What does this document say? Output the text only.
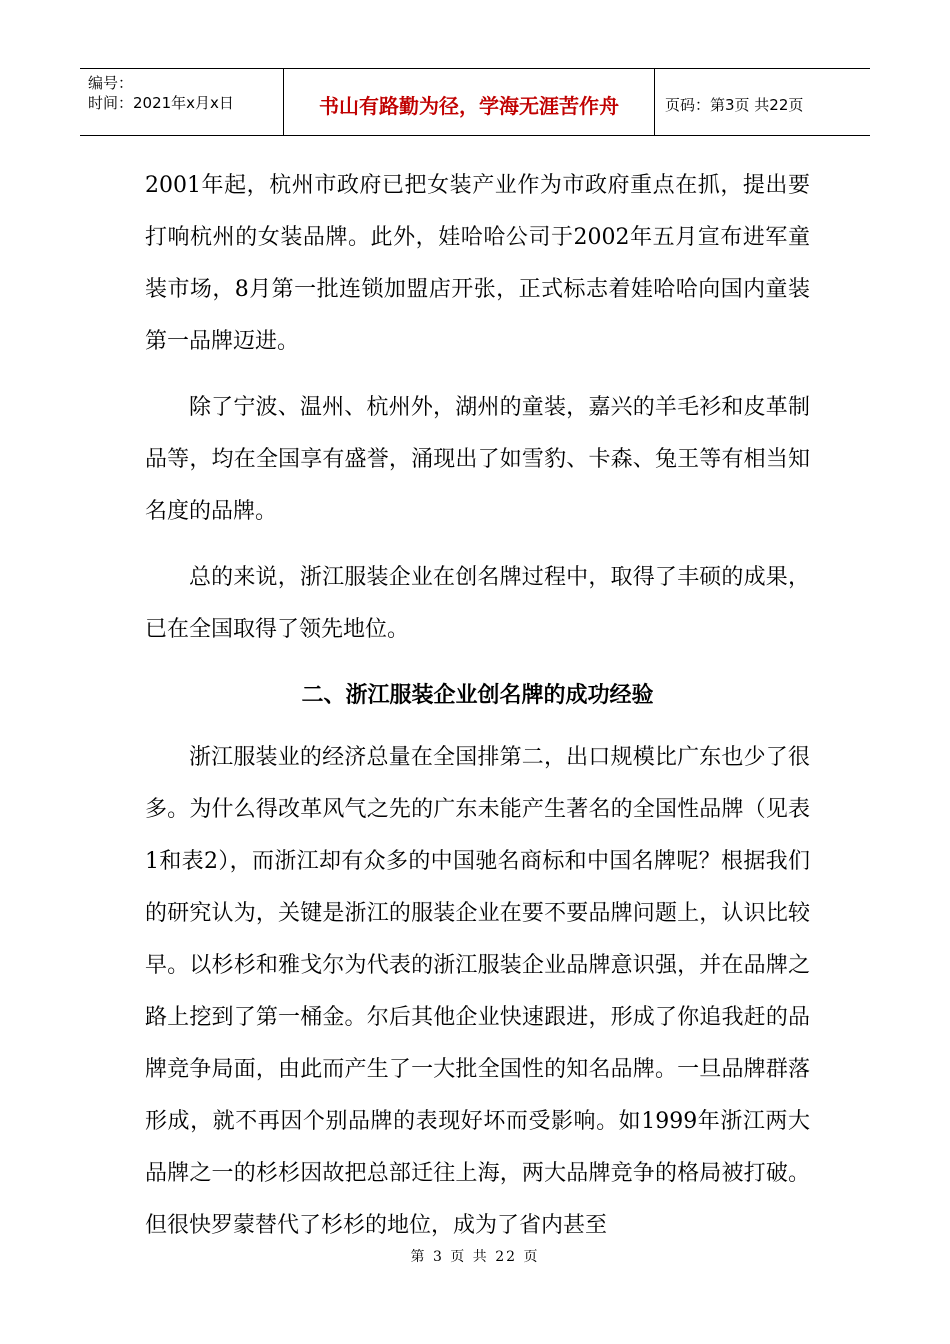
编号：
时间：2021年x月x日	书山有路勤为径，学海无涯苦作舟	页码：第3页 共22页

2001年起，杭州市政府已把女装产业作为市政府重点在抓，提出要打响杭州的女装品牌。此外，娃哈哈公司于2002年五月宣布进军童装市场，8月第一批连锁加盟店开张，正式标志着娃哈哈向国内童装第一品牌迈进。

除了宁波、温州、杭州外，湖州的童装，嘉兴的羊毛衫和皮革制品等，均在全国享有盛誉，涌现出了如雪豹、卡森、兔王等有相当知名度的品牌。

总的来说，浙江服装企业在创名牌过程中，取得了丰硕的成果，已在全国取得了领先地位。

二、浙江服装企业创名牌的成功经验

浙江服装业的经济总量在全国排第二，出口规模比广东也少了很多。为什么得改革风气之先的广东未能产生著名的全国性品牌（见表1和表2），而浙江却有众多的中国驰名商标和中国名牌呢？根据我们的研究认为，关键是浙江的服装企业在要不要品牌问题上，认识比较早。以杉杉和雅戈尔为代表的浙江服装企业品牌意识强，并在品牌之路上挖到了第一桶金。尔后其他企业快速跟进，形成了你追我赶的品牌竞争局面，由此而产生了一大批全国性的知名品牌。一旦品牌群落形成，就不再因个别品牌的表现好坏而受影响。如1999年浙江两大品牌之一的杉杉因故把总部迁往上海，两大品牌竞争的格局被打破。但很快罗蒙替代了杉杉的地位，成为了省内甚至

第 3 页 共 22 页
